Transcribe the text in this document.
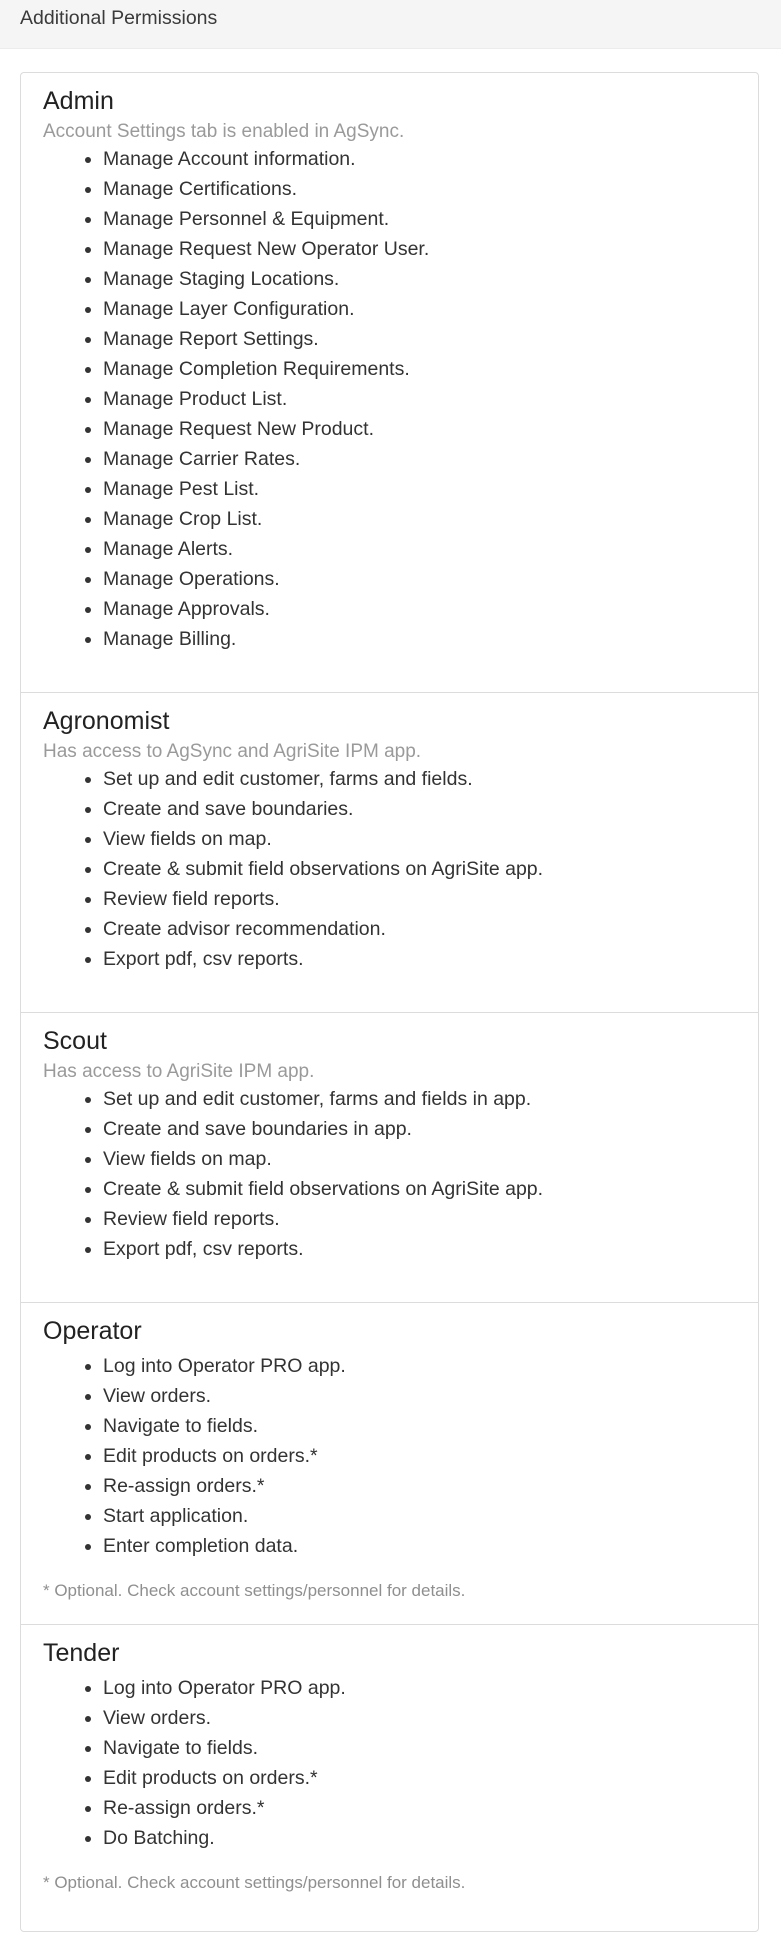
Additional Permissions
Admin

Account Settings tab is enabled in AgSync.

• Manage Account information.
• Manage Certifications.
• Manage Personnel & Equipment.
• Manage Request New Operator User.
• Manage Staging Locations.
• Manage Layer Configuration.
• Manage Report Settings.
• Manage Completion Requirements.
• Manage Product List.
• Manage Request New Product.
• Manage Carrier Rates.
• Manage Pest List.
• Manage Crop List.
• Manage Alerts.
• Manage Operations.
• Manage Approvals.
• Manage Billing.
Agronomist

Has access to AgSync and AgriSite IPM app.

• Set up and edit customer, farms and fields.
• Create and save boundaries.
• View fields on map.
• Create & submit field observations on AgriSite app.
• Review field reports.
• Create advisor recommendation.
• Export pdf, csv reports.
Scout

Has access to AgriSite IPM app.

• Set up and edit customer, farms and fields in app.
• Create and save boundaries in app.
• View fields on map.
• Create & submit field observations on AgriSite app.
• Review field reports.
• Export pdf, csv reports.
Operator
• Log into Operator PRO app.
• View orders.
• Navigate to fields.
• Edit products on orders.*
• Re-assign orders.*
• Start application.
• Enter completion data.

* Optional. Check account settings/personnel for details.

Tender
• Log into Operator PRO app.
• View orders.
• Navigate to fields.
• Edit products on orders.*
• Re-assign orders.*
• Do Batching.

* Optional. Check account settings/personnel for details.
